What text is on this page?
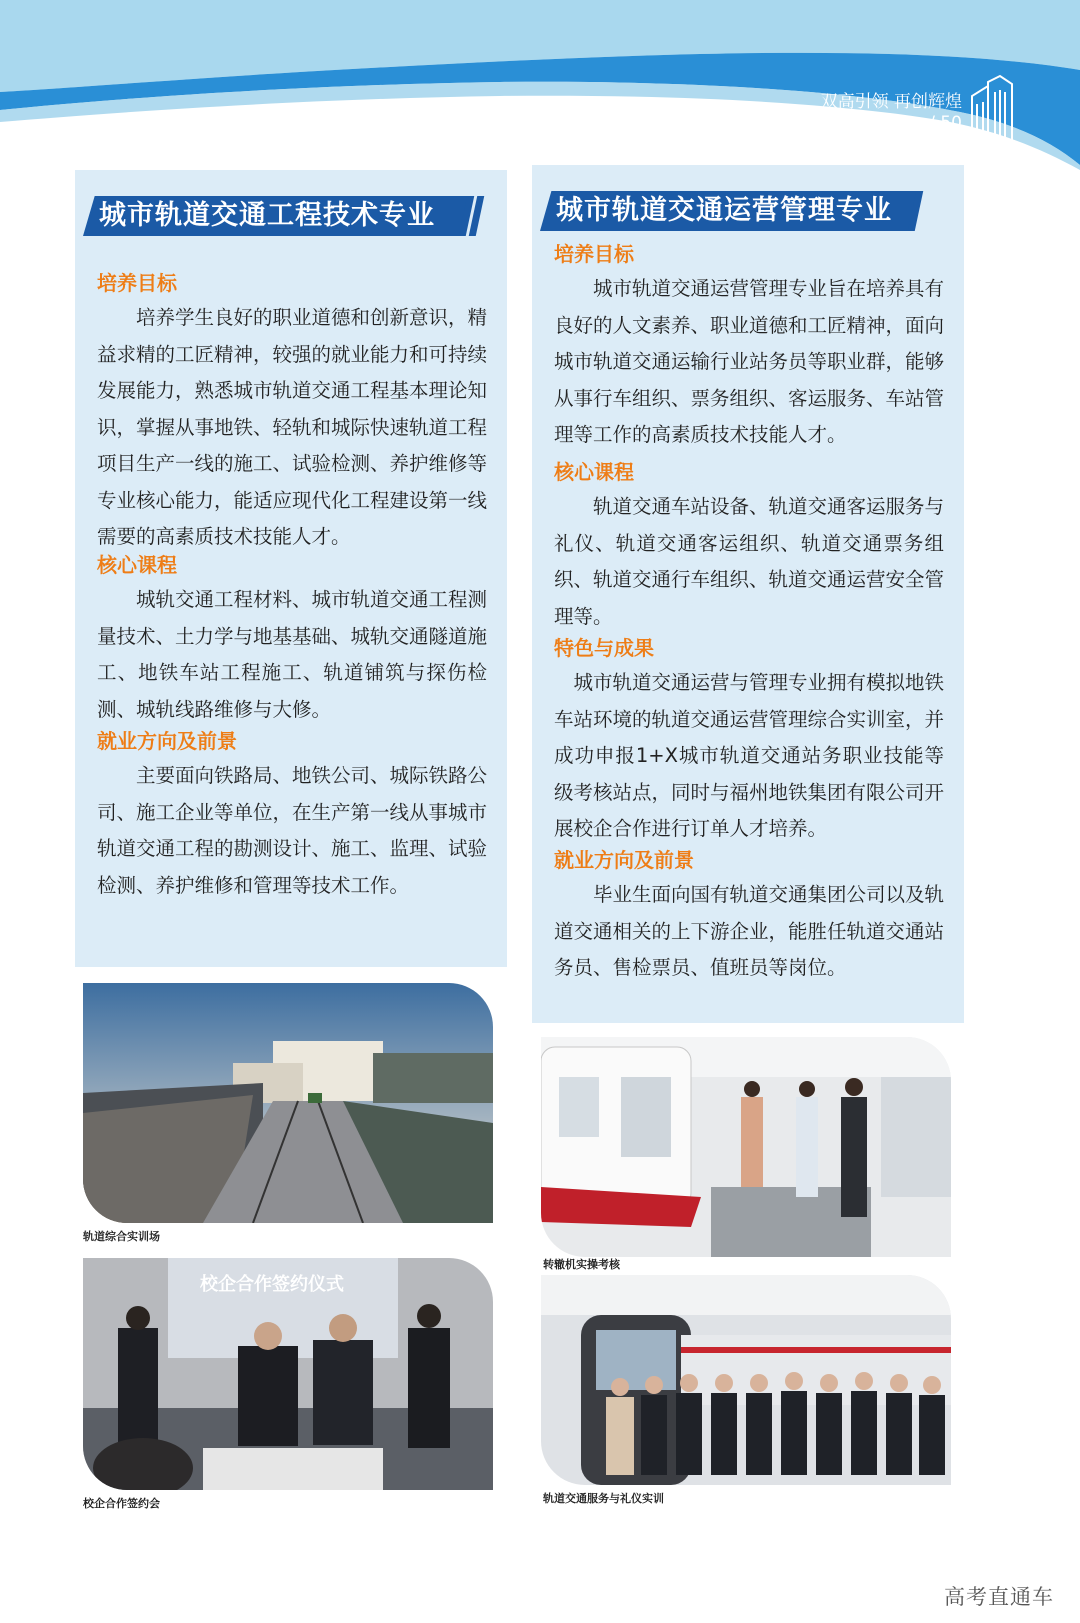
双高引领 再创辉煌
/ 50
城市轨道交通工程技术专业
培养目标
培养学生良好的职业道德和创新意识，精益求精的工匠精神，较强的就业能力和可持续发展能力，熟悉城市轨道交通工程基本理论知识，掌握从事地铁、轻轨和城际快速轨道工程项目生产一线的施工、试验检测、养护维修等专业核心能力，能适应现代化工程建设第一线需要的高素质技术技能人才。
核心课程
城轨交通工程材料、城市轨道交通工程测量技术、土力学与地基基础、城轨交通隧道施工、地铁车站工程施工、轨道铺筑与探伤检测、城轨线路维修与大修。
就业方向及前景
主要面向铁路局、地铁公司、城际铁路公司、施工企业等单位，在生产第一线从事城市轨道交通工程的勘测设计、施工、监理、试验检测、养护维修和管理等技术工作。
城市轨道交通运营管理专业
培养目标
城市轨道交通运营管理专业旨在培养具有良好的人文素养、职业道德和工匠精神，面向城市轨道交通运输行业站务员等职业群，能够从事行车组织、票务组织、客运服务、车站管理等工作的高素质技术技能人才。
核心课程
轨道交通车站设备、轨道交通客运服务与礼仪、轨道交通客运组织、轨道交通票务组织、轨道交通行车组织、轨道交通运营安全管理等。
特色与成果
城市轨道交通运营与管理专业拥有模拟地铁车站环境的轨道交通运营管理综合实训室，并成功申报1+X城市轨道交通站务职业技能等级考核站点，同时与福州地铁集团有限公司开展校企合作进行订单人才培养。
就业方向及前景
毕业生面向国有轨道交通集团公司以及轨道交通相关的上下游企业，能胜任轨道交通站务员、售检票员、值班员等岗位。
轨道综合实训场
转辙机实操考核
校企合作签约仪式
校企合作签约会	轨道交通服务与礼仪实训
高考直通车
